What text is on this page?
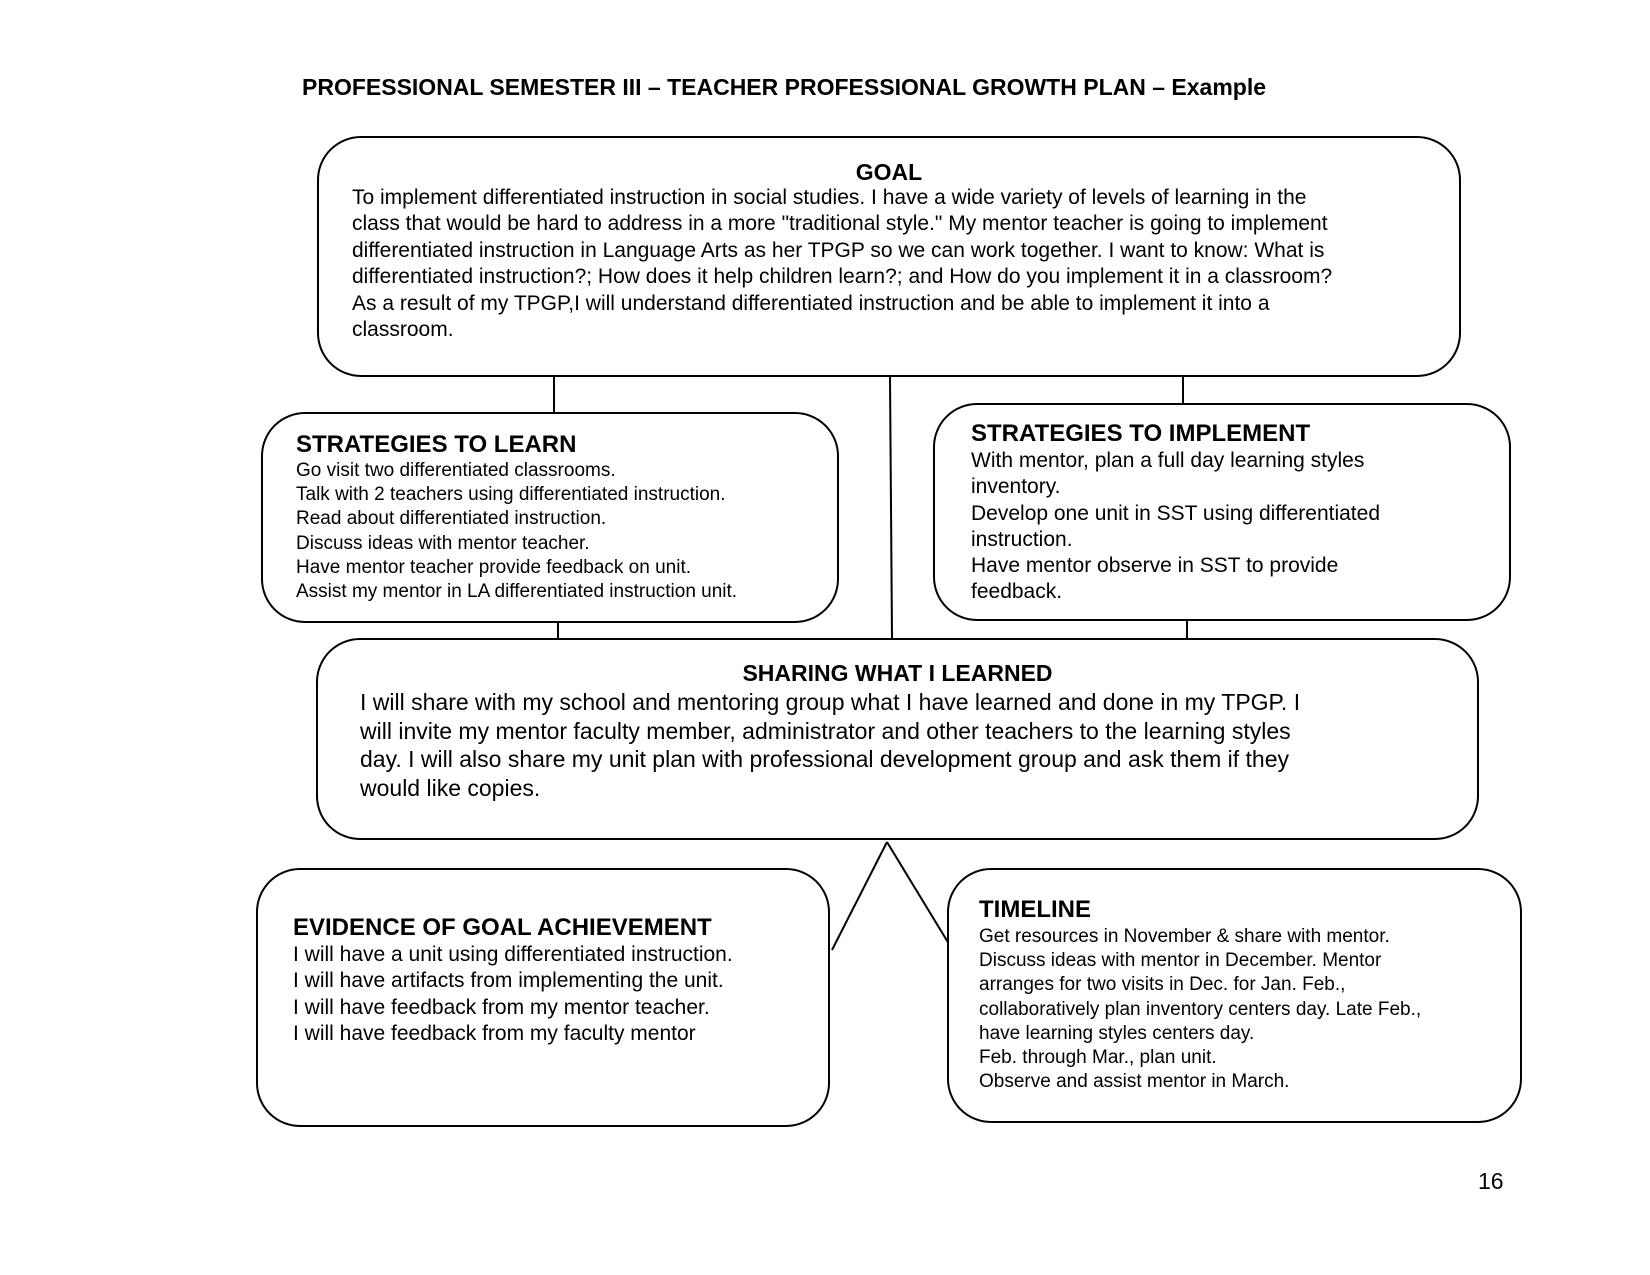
PROFESSIONAL SEMESTER III – TEACHER PROFESSIONAL GROWTH PLAN – Example

GOAL

To implement differentiated instruction in social studies. I have a wide variety of levels of learning in the
class that would be hard to address in a more "traditional style." My mentor teacher is going to implement
differentiated instruction in Language Arts as her TPGP so we can work together. I want to know: What is
differentiated instruction?; How does it help children learn?; and How do you implement it in a classroom?
As a result of my TPGP,I will understand differentiated instruction and be able to implement it into a
classroom.

STRATEGIES TO LEARN

Go visit two differentiated classrooms.
Talk with 2 teachers using differentiated instruction.
Read about differentiated instruction.
Discuss ideas with mentor teacher.
Have mentor teacher provide feedback on unit.
Assist my mentor in LA differentiated instruction unit.

STRATEGIES TO IMPLEMENT

With mentor, plan a full day learning styles
inventory.
Develop one unit in SST using differentiated
instruction.
Have mentor observe in SST to provide
feedback.

SHARING WHAT I LEARNED

I will share with my school and mentoring group what I have learned and done in my TPGP. I
will invite my mentor faculty member, administrator and other teachers to the learning styles
day. I will also share my unit plan with professional development group and ask them if they
would like copies.

EVIDENCE OF GOAL ACHIEVEMENT

I will have a unit using differentiated instruction.
I will have artifacts from implementing the unit.
I will have feedback from my mentor teacher.
I will have feedback from my faculty mentor

TIMELINE

Get resources in November & share with mentor.
Discuss ideas with mentor in December. Mentor
arranges for two visits in Dec. for Jan. Feb.,
collaboratively plan inventory centers day. Late Feb.,
have learning styles centers day.
Feb. through Mar., plan unit.
Observe and assist mentor in March.

16
